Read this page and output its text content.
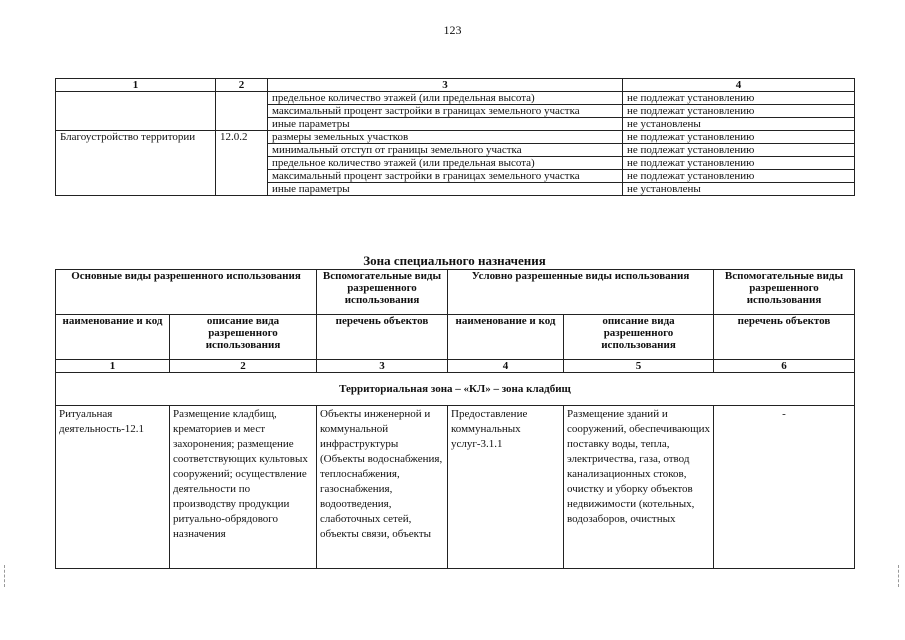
123
1	2	3	4
		предельное количество этажей (или предельная высота)	не подлежат установлению
		максимальный процент застройки в границах земельного участка	не подлежат установлению
		иные параметры	не установлены
Благоустройство территории	12.0.2	размеры земельных участков	не подлежат установлению
		минимальный отступ от границы земельного участка	не подлежат установлению
		предельное количество этажей (или предельная высота)	не подлежат установлению
		максимальный процент застройки в границах земельного участка	не подлежат установлению
		иные параметры	не установлены
Зона специального назначения
Основные виды разрешенного использования		Вспомогательные виды разрешенного использования	Условно разрешенные виды использования		Вспомогательные виды разрешенного использования
наименование и код	описание вида разрешенного использования	перечень объектов	наименование и код	описание вида разрешенного использования	перечень объектов
1	2	3	4	5	6
Территориальная зона – «КЛ» – зона кладбищ					
Ритуальная деятельность-12.1	Размещение кладбищ, крематориев и мест захоронения; размещение соответствующих культовых сооружений; осуществление деятельности по производству продукции ритуально-обрядового назначения	Объекты инженерной и коммунальной инфраструктуры (Объекты водоснабжения, теплоснабжения, газоснабжения, водоотведения, слаботочных сетей, объекты связи, объекты	Предоставление коммунальных услуг-3.1.1	Размещение зданий и сооружений, обеспечивающих поставку воды, тепла, электричества, газа, отвод канализационных стоков, очистку и уборку объектов недвижимости (котельных, водозаборов, очистных	-
